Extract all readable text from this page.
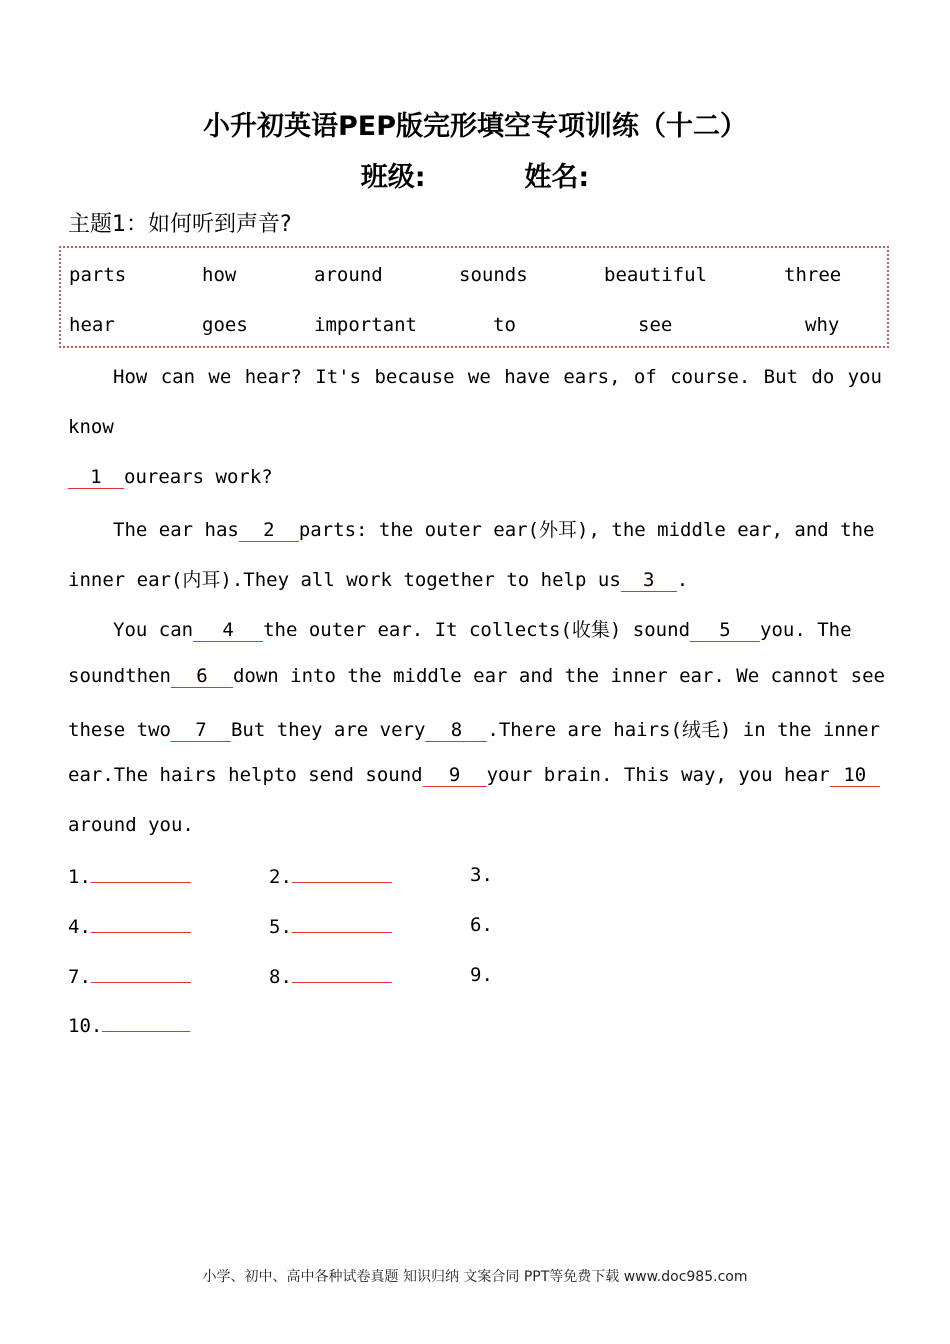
小升初英语PEP版完形填空专项训练（十二）
班级:	姓名:
主题1：如何听到声音?
parts	how	around	sounds	beautiful	three
hear	goes	important	to	see	why
How can we hear? It's because we have ears, of course. But do you
know
1 ourears work?
The ear has 2 parts: the outer ear(外耳), the middle ear, and the
inner ear(内耳).They all work together to help us 3 .
You can 4 the outer ear. It collects(收集) sound 5 you. The
soundthen 6 down into the middle ear and the inner ear. We cannot see
these two 7 But they are very 8 .There are hairs(绒毛) in the inner
ear.The hairs helpto send sound 9 your brain. This way, you hear 10
around you.
1.	2.	3.
4.	5.	6.
7.	8.	9.
10.
小学、初中、高中各种试卷真题 知识归纳 文案合同 PPT等免费下载 www.doc985.com
